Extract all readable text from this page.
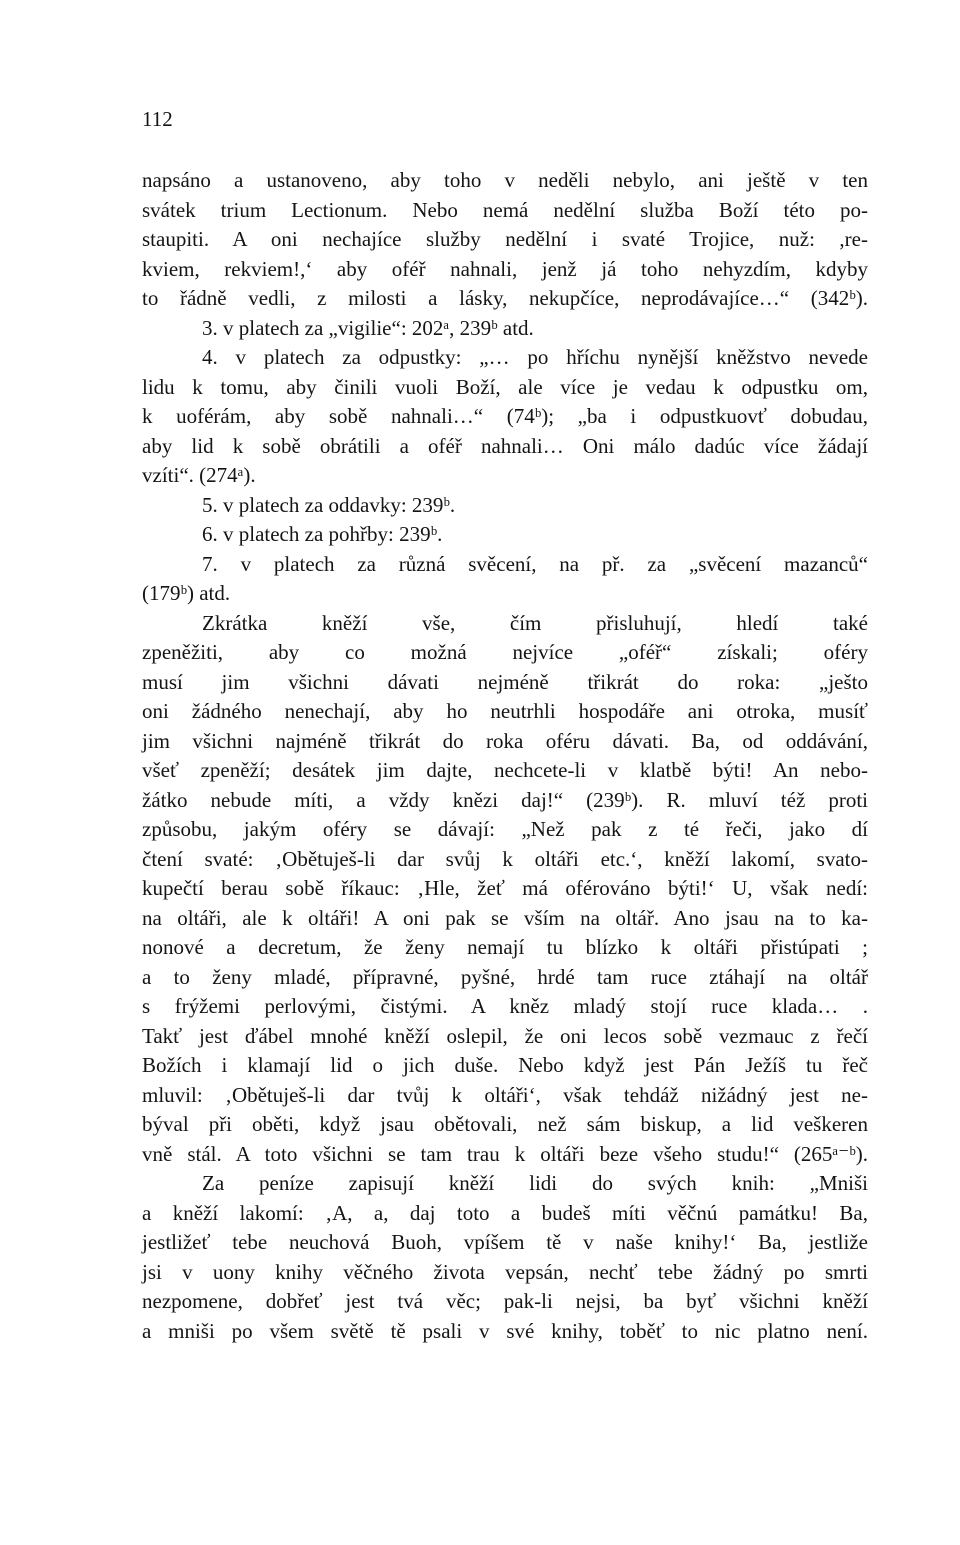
112
napsáno a ustanoveno, aby toho v neděli nebylo, ani ještě v ten
svátek trium Lectionum. Nebo nemá nedělní služba Boží této po-
staupiti. A oni nechajíce služby nedělní i svaté Trojice, nuž: ,re-
kviem, rekviem!,‘ aby oféř nahnali, jenž já toho nehyzdím, kdyby
to řádně vedli, z milosti a lásky, nekupčíce, neprodávajíce…“ (342ᵇ).
3. v platech za „vigilie“: 202ᵃ, 239ᵇ atd.
4. v platech za odpustky: „… po hříchu nynější kněžstvo nevede
lidu k tomu, aby činili vuoli Boží, ale více je vedau k odpustku om,
k uoférám, aby sobě nahnali…“ (74ᵇ); „ba i odpustkuovť dobudau,
aby lid k sobě obrátili a oféř nahnali… Oni málo dadúc více žádají
vzíti“. (274ᵃ).
5. v platech za oddavky: 239ᵇ.
6. v platech za pohřby: 239ᵇ.
7. v platech za různá svěcení, na př. za „svěcení mazanců“
(179ᵇ) atd.
Zkrátka kněží vše, čím přisluhují, hledí také
zpeněžiti, aby co možná nejvíce „oféř“ získali; oféry
musí jim všichni dávati nejméně třikrát do roka: „ješto
oni žádného nenechají, aby ho neutrhli hospodáře ani otroka, musíť
jim všichni najméně třikrát do roka oféru dávati. Ba, od oddávání,
všeť zpeněží; desátek jim dajte, nechcete-li v klatbě býti! An nebo-
žátko nebude míti, a vždy knězi daj!“ (239ᵇ). R. mluví též proti
způsobu, jakým oféry se dávají: „Než pak z té řeči, jako dí
čtení svaté: ‚Obětuješ-li dar svůj k oltáři etc.‘, kněží lakomí, svato-
kupečtí berau sobě říkauc: ‚Hle, žeť má oférováno býti!‘ U, však nedí:
na oltáři, ale k oltáři! A oni pak se vším na oltář. Ano jsau na to ka-
nonové a decretum, že ženy nemají tu blízko k oltáři přistúpati ;
a to ženy mladé, přípravné, pyšné, hrdé tam ruce ztáhají na oltář
s frýžemi perlovými, čistými. A kněz mladý stojí ruce klada… .
Takť jest ďábel mnohé kněží oslepil, že oni lecos sobě vezmauc z řečí
Božích i klamají lid o jich duše. Nebo když jest Pán Ježíš tu řeč
mluvil: ‚Obětuješ-li dar tvůj k oltáři‘, však tehdáž nižádný jest ne-
býval při oběti, když jsau obětovali, než sám biskup, a lid veškeren
vně stál. A toto všichni se tam trau k oltáři beze všeho studu!“ (265ᵃ⁻ᵇ).
Za peníze zapisují kněží lidi do svých knih: „Mniši
a kněží lakomí: ‚A, a, daj toto a budeš míti věčnú památku! Ba,
jestližeť tebe neuchová Buoh, vpíšem tě v naše knihy!‘ Ba, jestliže
jsi v uony knihy věčného života vepsán, nechť tebe žádný po smrti
nezpomene, dobřeť jest tvá věc; pak-li nejsi, ba byť všichni kněží
a mniši po všem světě tě psali v své knihy, toběť to nic platno není.
